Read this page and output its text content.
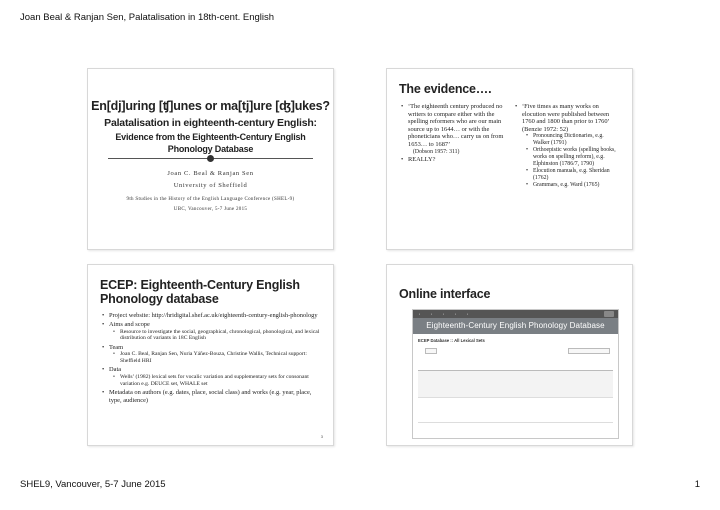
Joan Beal & Ranjan Sen, Palatalisation in 18th-cent. English
En[dj]uring [ʧ]unes or ma[tj]ure [ʤ]ukes?
Palatalisation in eighteenth-century English:
Evidence from the Eighteenth-Century English
Phonology Database
Joan C. Beal & Ranjan Sen
University of Sheffield
9th Studies in the History of the English Language Conference (SHEL-9)
UBC, Vancouver, 5-7 June 2015
The evidence….
• ‘The eighteenth century produced no writers to compare either with the spelling reformers who are our main source up to 1644… or with the phoneticians who… carry us on from 1653… to 1687’
(Dobson 1957: 311)
• REALLY?
• ‘Five times as many works on elocution were published between 1760 and 1800 than prior to 1760’ (Benzie 1972: 52)
• Pronouncing Dictionaries, e.g. Walker (1791)
• Orthoepistic works (spelling books, works on spelling reform), e.g. Elphinston (1786/7, 1790)
• Elocution manuals, e.g. Sheridan (1762)
• Grammars, e.g. Ward (1765)
ECEP: Eighteenth-Century English
Phonology database
• Project website: http://hridigital.shef.ac.uk/eighteenth-century-english-phonology
• Aims and scope
• Resource to investigate the social, geographical, chronological, phonological, and lexical distribution of variants in 18C English
• Team
• Joan C. Beal, Ranjan Sen, Nuria Yáñez-Bouza, Christine Wallis, Technical support: Sheffield HRI
• Data
• Wells’ (1982) lexical sets for vocalic variation and supplementary sets for consonant variation e.g. DEUCE set, WHALE set
• Metadata on authors (e.g. dates, place, social class) and works (e.g. year, place, type, audience)
3
Online interface
▪	▪	▪	▪	▪
Eighteenth-Century English Phonology Database
ECEP Database :: All Lexical Sets

SHEL9, Vancouver, 5-7 June 2015	1
